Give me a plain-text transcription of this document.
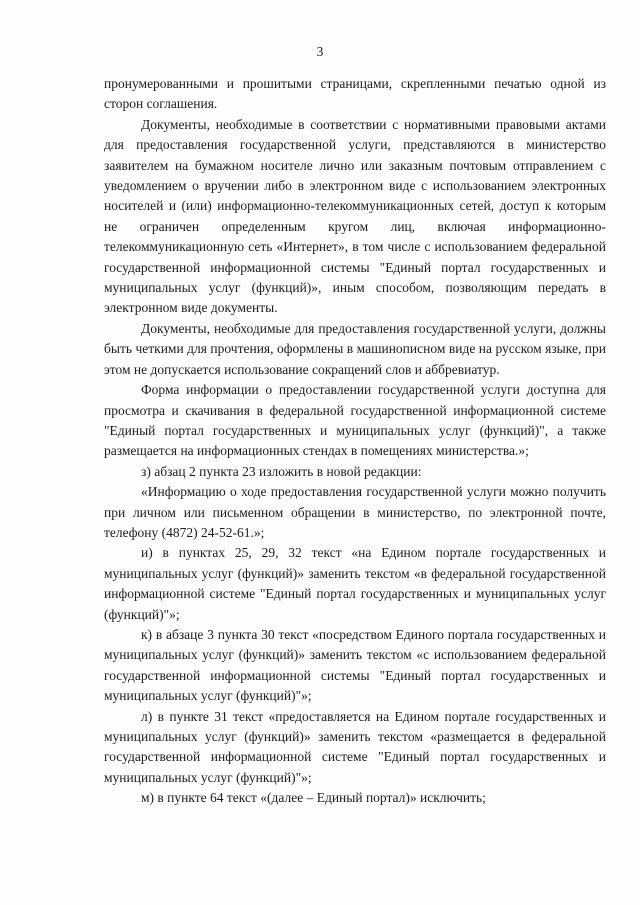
3

пронумерованными и прошитыми страницами, скрепленными печатью одной из сторон соглашения.

Документы, необходимые в соответствии с нормативными правовыми актами для предоставления государственной услуги, представляются в министерство заявителем на бумажном носителе лично или заказным почтовым отправлением с уведомлением о вручении либо в электронном виде с использованием электронных носителей и (или) информационно-телекоммуникационных сетей, доступ к которым не ограничен определенным кругом лиц, включая информационно-телекоммуникационную сеть «Интернет», в том числе с использованием федеральной государственной информационной системы "Единый портал государственных и муниципальных услуг (функций)», иным способом, позволяющим передать в электронном виде документы.

Документы, необходимые для предоставления государственной услуги, должны быть четкими для прочтения, оформлены в машинописном виде на русском языке, при этом не допускается использование сокращений слов и аббревиатур.

Форма информации о предоставлении государственной услуги доступна для просмотра и скачивания в федеральной государственной информационной системе "Единый портал государственных и муниципальных услуг (функций)", а также размещается на информационных стендах в помещениях министерства.»;

з) абзац 2 пункта 23 изложить в новой редакции:

«Информацию о ходе предоставления государственной услуги можно получить при личном или письменном обращении в министерство, по электронной почте, телефону (4872) 24-52-61.»;

и) в пунктах 25, 29, 32 текст «на Едином портале государственных и муниципальных услуг (функций)» заменить текстом «в федеральной государственной информационной системе "Единый портал государственных и муниципальных услуг (функций)"»;

к) в абзаце 3 пункта 30 текст «посредством Единого портала государственных и муниципальных услуг (функций)» заменить текстом «с использованием федеральной государственной информационной системы "Единый портал государственных и муниципальных услуг (функций)"»;

л) в пункте 31 текст «предоставляется на Едином портале государственных и муниципальных услуг (функций)» заменить текстом «размещается в федеральной государственной информационной системе "Единый портал государственных и муниципальных услуг (функций)"»;

м) в пункте 64 текст «(далее – Единый портал)» исключить;
